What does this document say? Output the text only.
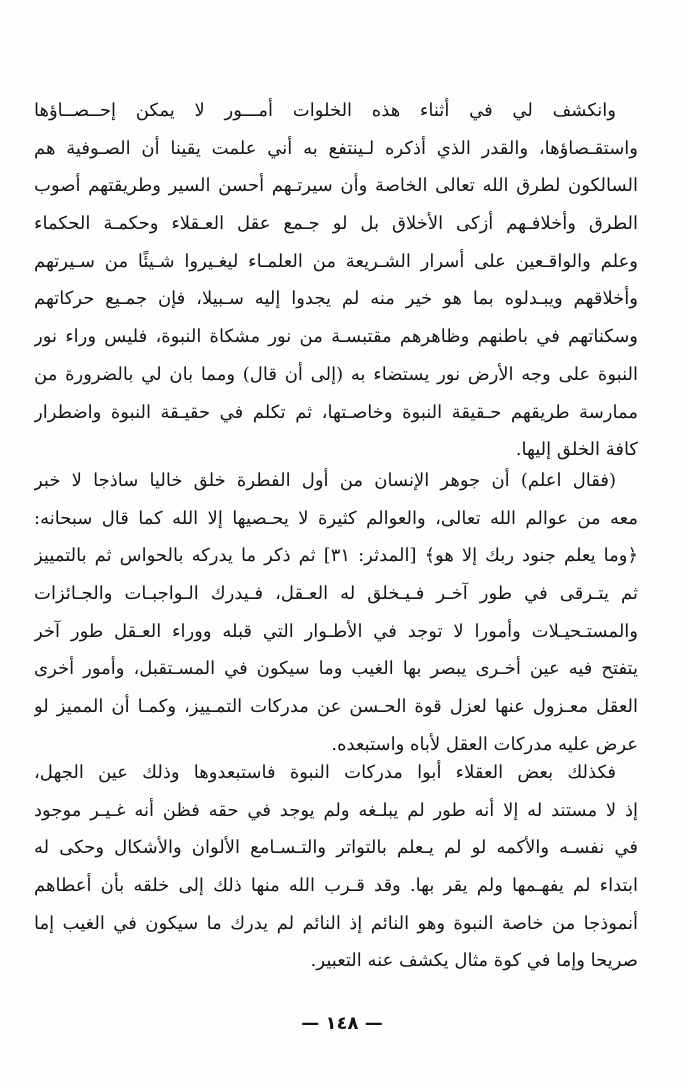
وانكشف لي في أثناء هذه الخلوات أمـــور لا يمكن إحــصــاؤها
واستقـصاؤها، والقدر الذي أذكره لـينتفع به أني علمت يقينا أن الصـوفية هم
السالكون لطرق الله تعالى الخاصة وأن سيرتـهم أحسن السير وطريقتهم أصوب
الطرق وأخلافـهم أزكى الأخلاق بل لو جـمع عقل العـقلاء وحكمـة الحكماء
وعلم والواقـعين على أسرار الشـريعة من العلمـاء ليغـيروا شـيئًا من سـيرتهم
وأخلاقهم ويبـدلوه بما هو خير منه لم يجدوا إليه سـبيلا، فإن جمـيع حركاتهم
وسكناتهم في باطنهم وظاهرهم مقتبسـة من نور مشكاة النبوة، فليس وراء نور
النبوة على وجه الأرض نور يستضاء به (إلى أن قال) ومما بان لي بالضرورة من
ممارسة طريقهم حـقيقة النبوة وخاصـتها، ثم تكلم في حقيـقة النبوة واضطرار
كافة الخلق إليها.
(فقال اعلم) أن جوهر الإنسان من أول الفطرة خلق خاليا ساذجا لا خبر
معه من عوالم الله تعالى، والعوالم كثيرة لا يحـصيها إلا الله كما قال سبحانه:
﴿وما يعلم جنود ربك إلا هو﴾ [المدثر: ٣١] ثم ذكر ما يدركه بالحواس ثم بالتمييز
ثم يتـرقى في طور آخـر فـيـخلق له العـقل، فـيدرك الـواجبـات والجـائزات
والمستـحيـلات وأمورا لا توجد في الأطـوار التي قبله ووراء العـقل طور آخر
يتفتح فيه عين أخـرى يبصر بها الغيب وما سيكون في المسـتقبل، وأمور أخرى
العقل معـزول عنها لعزل قوة الحـسن عن مدركات التمـييز، وكمـا أن المميز لو
عرض عليه مدركات العقل لأباه واستبعده.
فكذلك بعض العقلاء أبوا مدركات النبوة فاستبعدوها وذلك عين الجهل،
إذ لا مستند له إلا أنه طور لم يبلـغه ولم يوجد في حقه فظن أنه غـيـر موجود
في نفسـه والأكمه لو لم يـعلم بالتواتر والتـسـامع الألوان والأشكال وحكى له
ابتداء لم يفهـمها ولم يقر بها. وقد قـرب الله منها ذلك إلى خلقه بأن أعطاهم
أنموذجا من خاصة النبوة وهو النائم إذ النائم لم يدرك ما سيكون في الغيب إما
صريحا وإما في كوة مثال يكشف عنه التعبير.
— ١٤٨ —
